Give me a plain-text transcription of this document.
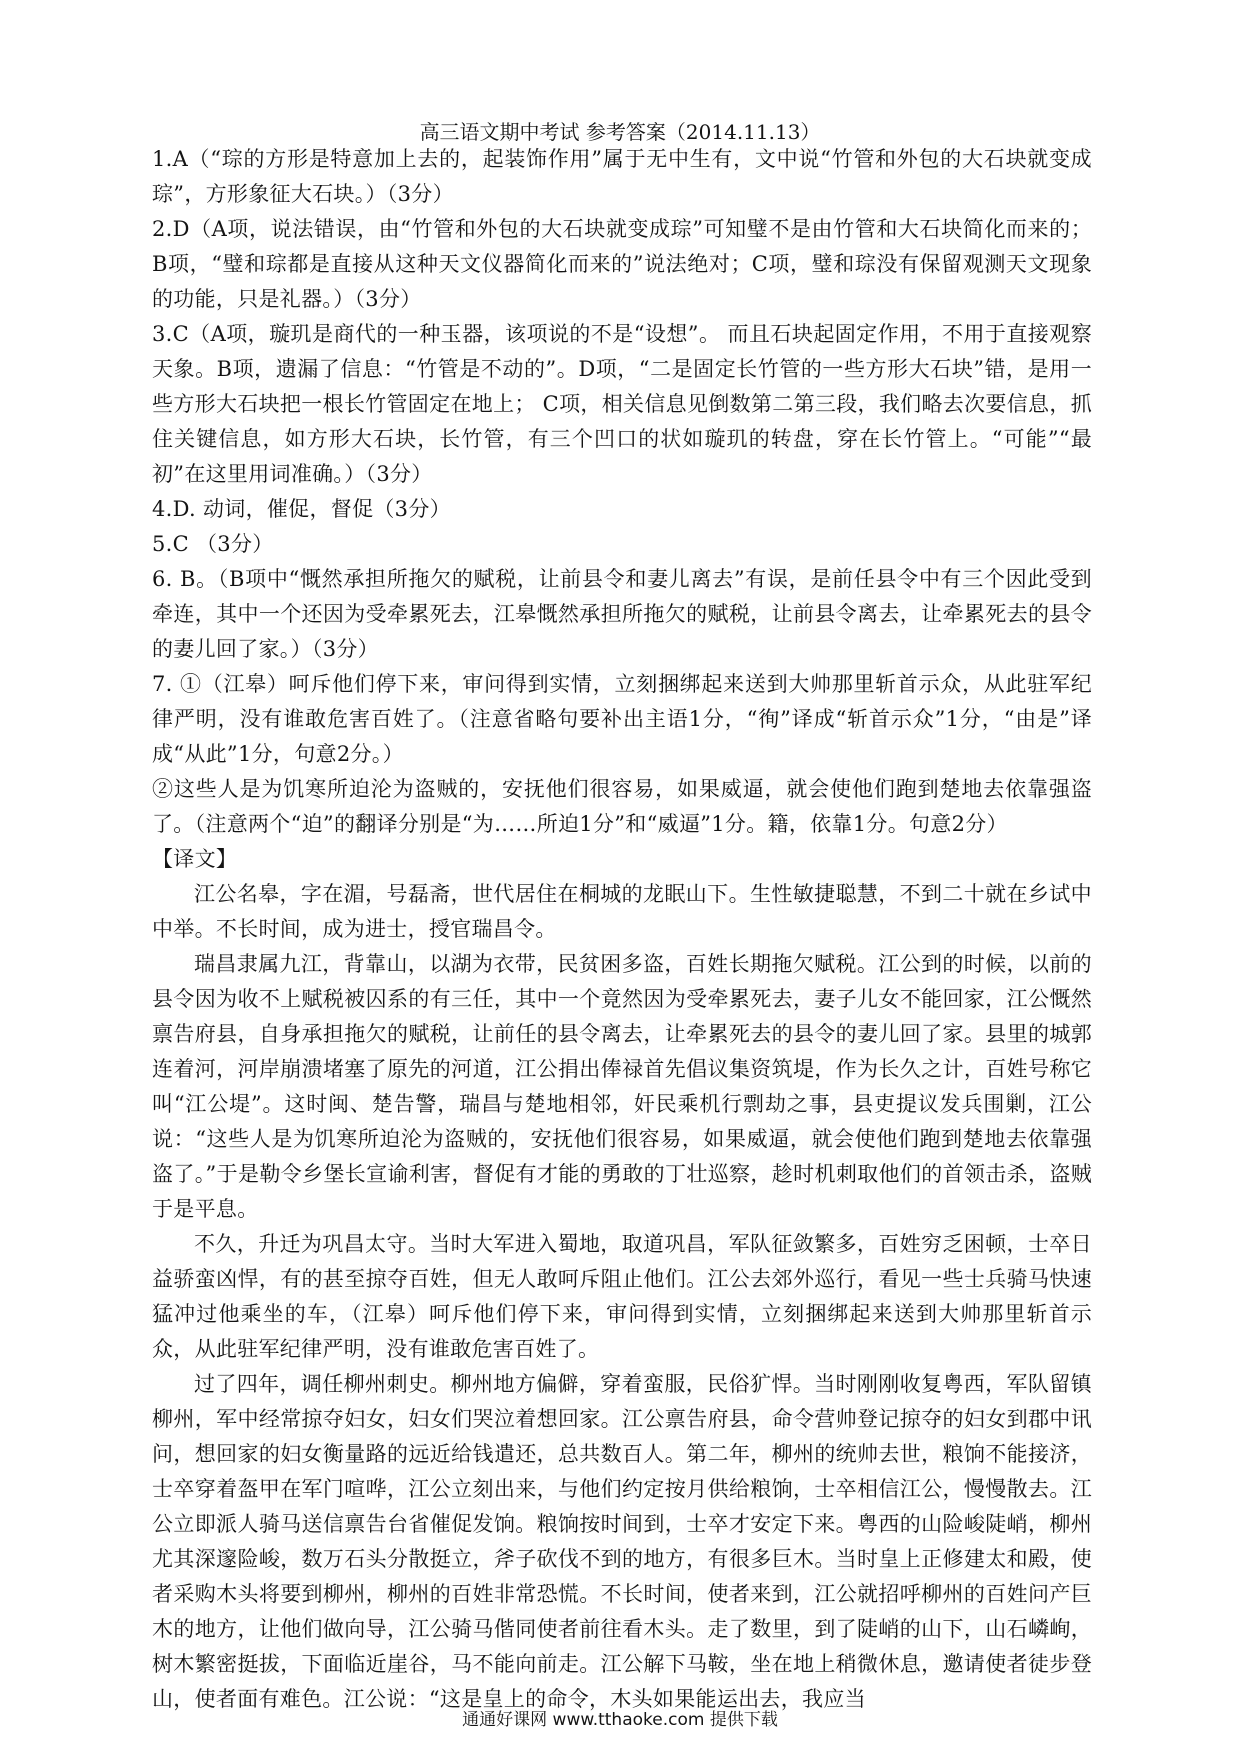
高三语文期中考试 参考答案（2014.11.13）

1.A（“琮的方形是特意加上去的，起装饰作用”属于无中生有，文中说“竹管和外包的大石块就变成琮”，方形象征大石块。）（3分）

2.D（A项，说法错误，由“竹管和外包的大石块就变成琮”可知璧不是由竹管和大石块简化而来的；B项，“璧和琮都是直接从这种天文仪器简化而来的”说法绝对；C项，璧和琮没有保留观测天文现象的功能，只是礼器。）（3分）

3.C（A项，璇玑是商代的一种玉器，该项说的不是“设想”。 而且石块起固定作用，不用于直接观察天象。B项，遗漏了信息：“竹管是不动的”。D项，“二是固定长竹管的一些方形大石块”错，是用一些方形大石块把一根长竹管固定在地上； C项，相关信息见倒数第二第三段，我们略去次要信息，抓住关键信息，如方形大石块，长竹管，有三个凹口的状如璇玑的转盘，穿在长竹管上。“可能”“最初”在这里用词准确。）（3分）

4.D. 动词，催促，督促（3分）

5.C （3分）

6. B。（B项中“慨然承担所拖欠的赋税，让前县令和妻儿离去”有误，是前任县令中有三个因此受到牵连，其中一个还因为受牵累死去，江皋慨然承担所拖欠的赋税，让前县令离去，让牵累死去的县令的妻儿回了家。）（3分）

7. ①（江皋）呵斥他们停下来，审问得到实情，立刻捆绑起来送到大帅那里斩首示众，从此驻军纪律严明，没有谁敢危害百姓了。（注意省略句要补出主语1分，“徇”译成“斩首示众”1分，“由是”译成“从此”1分，句意2分。）

②这些人是为饥寒所迫沦为盗贼的，安抚他们很容易，如果威逼，就会使他们跑到楚地去依靠强盗了。（注意两个“迫”的翻译分别是“为……所迫1分”和“威逼”1分。籍，依靠1分。句意2分）

【译文】

江公名皋，字在湄，号磊斋，世代居住在桐城的龙眠山下。生性敏捷聪慧，不到二十就在乡试中中举。不长时间，成为进士，授官瑞昌令。

瑞昌隶属九江，背靠山，以湖为衣带，民贫困多盗，百姓长期拖欠赋税。江公到的时候，以前的县令因为收不上赋税被囚系的有三任，其中一个竟然因为受牵累死去，妻子儿女不能回家，江公慨然禀告府县，自身承担拖欠的赋税，让前任的县令离去，让牵累死去的县令的妻儿回了家。县里的城郭连着河，河岸崩溃堵塞了原先的河道，江公捐出俸禄首先倡议集资筑堤，作为长久之计，百姓号称它叫“江公堤”。这时闽、楚告警，瑞昌与楚地相邻，奸民乘机行剽劫之事，县吏提议发兵围剿，江公说：“这些人是为饥寒所迫沦为盗贼的，安抚他们很容易，如果威逼，就会使他们跑到楚地去依靠强盗了。”于是勒令乡堡长宣谕利害，督促有才能的勇敢的丁壮巡察，趁时机刺取他们的首领击杀，盗贼于是平息。

不久，升迁为巩昌太守。当时大军进入蜀地，取道巩昌，军队征敛繁多，百姓穷乏困顿，士卒日益骄蛮凶悍，有的甚至掠夺百姓，但无人敢呵斥阻止他们。江公去郊外巡行，看见一些士兵骑马快速猛冲过他乘坐的车，（江皋）呵斥他们停下来，审问得到实情，立刻捆绑起来送到大帅那里斩首示众，从此驻军纪律严明，没有谁敢危害百姓了。

过了四年，调任柳州刺史。柳州地方偏僻，穿着蛮服，民俗犷悍。当时刚刚收复粤西，军队留镇柳州，军中经常掠夺妇女，妇女们哭泣着想回家。江公禀告府县，命令营帅登记掠夺的妇女到郡中讯问，想回家的妇女衡量路的远近给钱遣还，总共数百人。第二年，柳州的统帅去世，粮饷不能接济，士卒穿着盔甲在军门喧哗，江公立刻出来，与他们约定按月供给粮饷，士卒相信江公，慢慢散去。江公立即派人骑马送信禀告台省催促发饷。粮饷按时间到，士卒才安定下来。粤西的山险峻陡峭，柳州尤其深邃险峻，数万石头分散挺立，斧子砍伐不到的地方，有很多巨木。当时皇上正修建太和殿，使者采购木头将要到柳州，柳州的百姓非常恐慌。不长时间，使者来到，江公就招呼柳州的百姓问产巨木的地方，让他们做向导，江公骑马偕同使者前往看木头。走了数里，到了陡峭的山下，山石嶙峋，树木繁密挺拔，下面临近崖谷，马不能向前走。江公解下马鞍，坐在地上稍微休息，邀请使者徒步登山，使者面有难色。江公说：“这是皇上的命令，木头如果能运出去，我应当

通通好课网 www.tthaoke.com 提供下载
